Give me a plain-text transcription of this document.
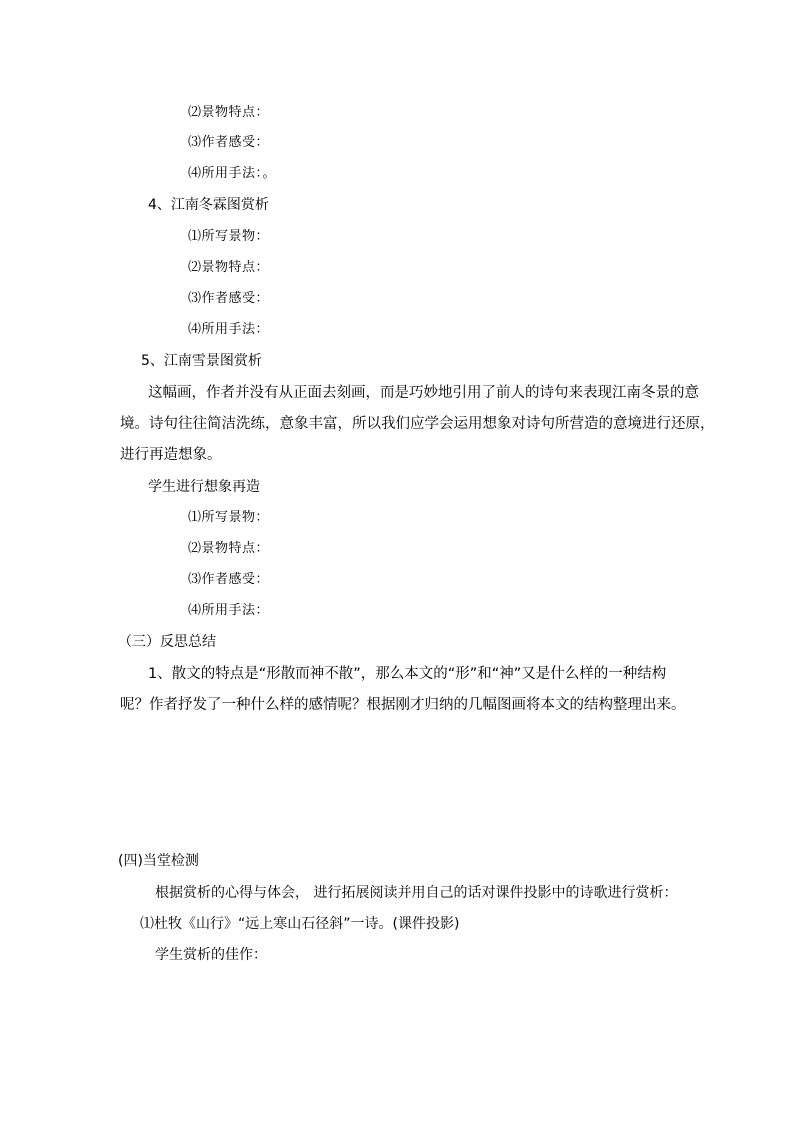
⑵景物特点：
⑶作者感受：
⑷所用手法：。
4、江南冬霖图赏析
⑴所写景物：
⑵景物特点：
⑶作者感受：
⑷所用手法：
5、江南雪景图赏析
这幅画，作者并没有从正面去刻画，而是巧妙地引用了前人的诗句来表现江南冬景的意
境。诗句往往简洁洗练，意象丰富，所以我们应学会运用想象对诗句所营造的意境进行还原，
进行再造想象。
学生进行想象再造
⑴所写景物：
⑵景物特点：
⑶作者感受：
⑷所用手法：
（三）反思总结
1、散文的特点是“形散而神不散”，那么本文的“形”和“神”又是什么样的一种结构
呢？作者抒发了一种什么样的感情呢？根据刚才归纳的几幅图画将本文的结构整理出来。
(四)当堂检测
根据赏析的心得与体会， 进行拓展阅读并用自己的话对课件投影中的诗歌进行赏析：
⑴杜牧《山行》“远上寒山石径斜”一诗。(课件投影)
学生赏析的佳作：
